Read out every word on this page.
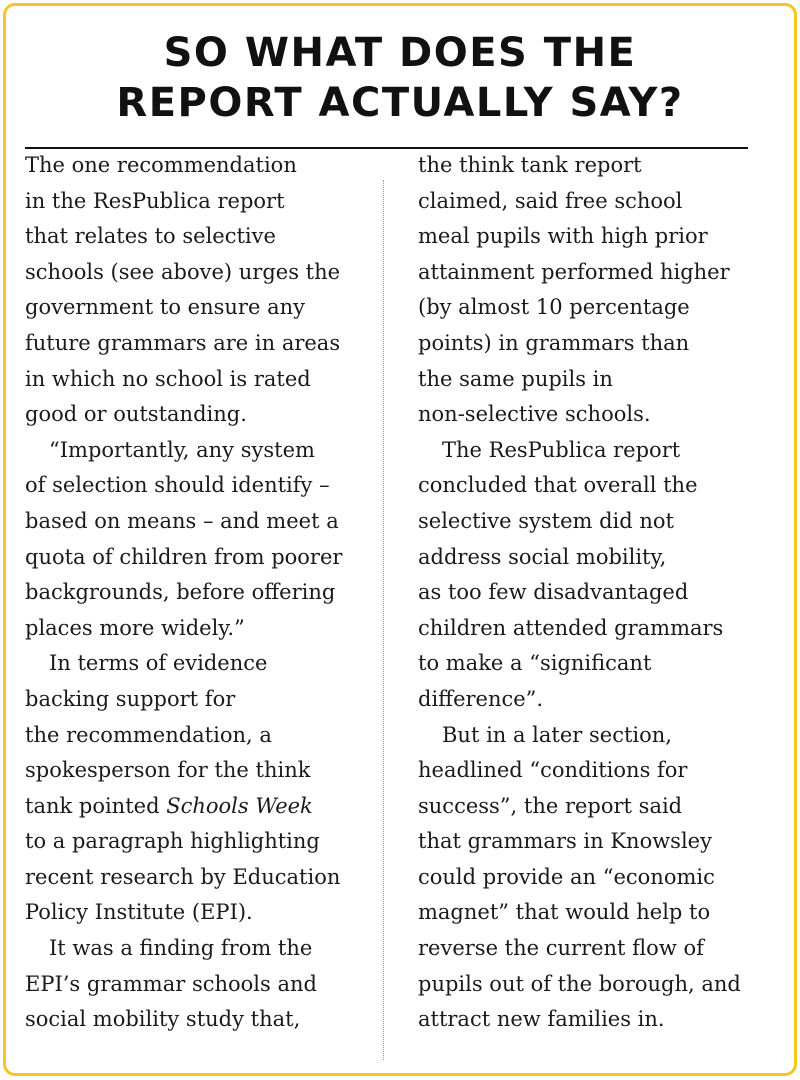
SO WHAT DOES THE
REPORT ACTUALLY SAY?
The one recommendation
in the ResPublica report
that relates to selective
schools (see above) urges the
government to ensure any
future grammars are in areas
in which no school is rated
good or outstanding.
“Importantly, any system
of selection should identify –
based on means – and meet a
quota of children from poorer
backgrounds, before offering
places more widely.”
In terms of evidence
backing support for
the recommendation, a
spokesperson for the think
tank pointed Schools Week
to a paragraph highlighting
recent research by Education
Policy Institute (EPI).
It was a finding from the
EPI’s grammar schools and
social mobility study that,
the think tank report
claimed, said free school
meal pupils with high prior
attainment performed higher
(by almost 10 percentage
points) in grammars than
the same pupils in
non-selective schools.
The ResPublica report
concluded that overall the
selective system did not
address social mobility,
as too few disadvantaged
children attended grammars
to make a “significant
difference”.
But in a later section,
headlined “conditions for
success”, the report said
that grammars in Knowsley
could provide an “economic
magnet” that would help to
reverse the current flow of
pupils out of the borough, and
attract new families in.
